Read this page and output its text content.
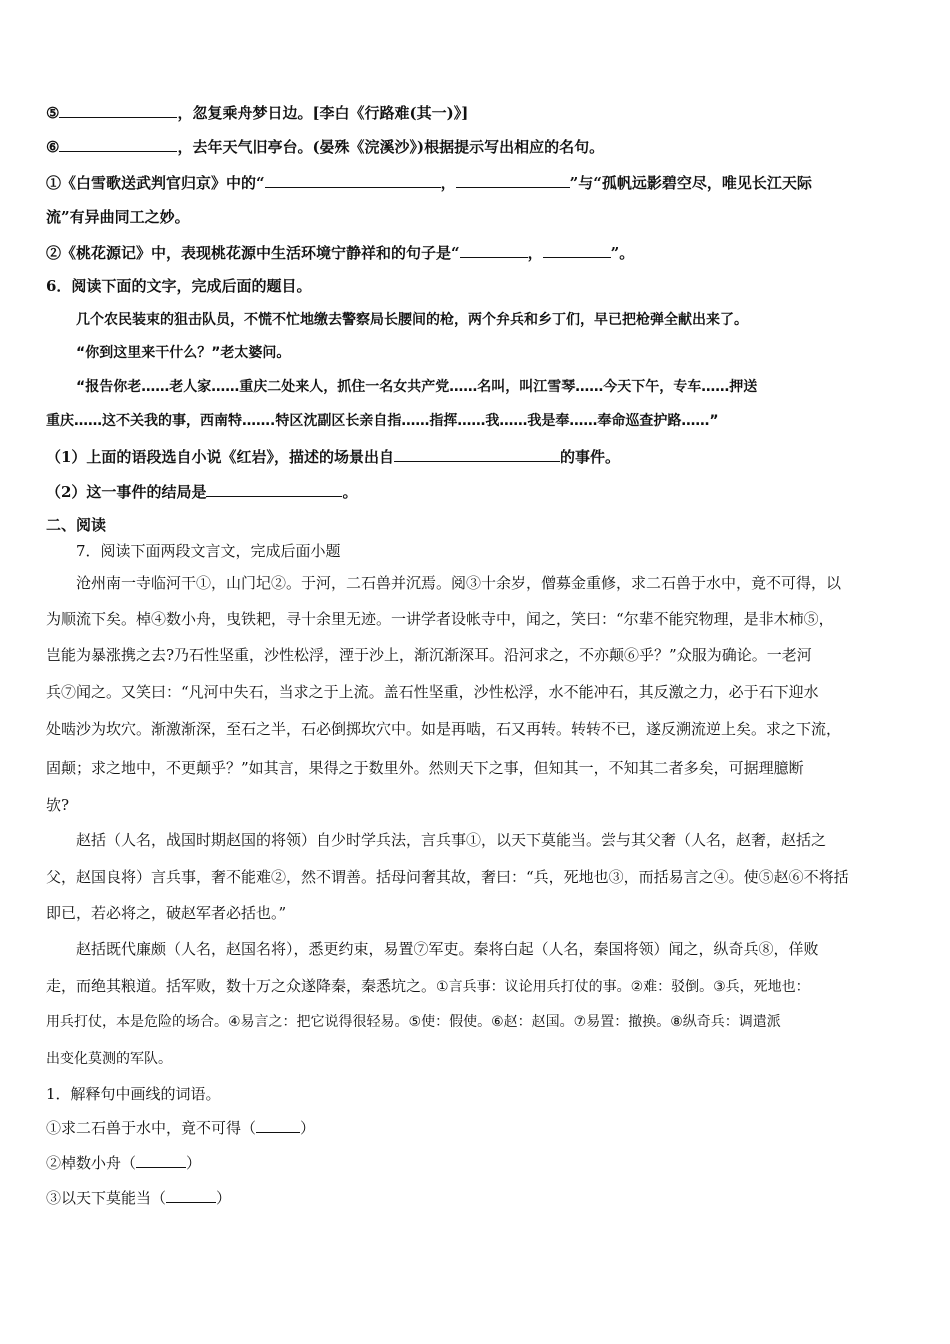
⑤	，忽复乘舟梦日边。[李白《行路难(其一)》]
⑥	，去年天气旧亭台。(晏殊《浣溪沙》)根据提示写出相应的名句。
①《白雪歌送武判官归京》中的“	，	”与“孤帆远影碧空尽，唯见长江天际
流”有异曲同工之妙。
②《桃花源记》中，表现桃花源中生活环境宁静祥和的句子是“	，	”。
6．阅读下面的文字，完成后面的题目。
几个农民装束的狙击队员，不慌不忙地缴去警察局长腰间的枪，两个弁兵和乡丁们，早已把枪弹全献出来了。
“你到这里来干什么？”老太婆问。
“报告你老……老人家……重庆二处来人，抓住一名女共产党……名叫，叫江雪琴……今天下午，专车……押送
重庆……这不关我的事，西南特…….特区沈副区长亲自指……指挥……我……我是奉……奉命巡查护路……”
（1）上面的语段选自小说《红岩》，描述的场景出自	的事件。
（2）这一事件的结局是	。
二、阅读
7．阅读下面两段文言文，完成后面小题
沧州南一寺临河干①，山门圮②。于河，二石兽并沉焉。阅③十余岁，僧募金重修，求二石兽于水中，竟不可得，以
为顺流下矣。棹④数小舟，曳铁耙，寻十余里无迹。一讲学者设帐寺中，闻之，笑曰：“尔辈不能究物理，是非木柿⑤，
岂能为暴涨携之去?乃石性坚重，沙性松浮，湮于沙上，渐沉渐深耳。沿河求之，不亦颠⑥乎？”众服为确论。一老河
兵⑦闻之。又笑曰：“凡河中失石，当求之于上流。盖石性坚重，沙性松浮，水不能冲石，其反激之力，必于石下迎水
处啮沙为坎穴。渐激渐深，至石之半，石必倒掷坎穴中。如是再啮，石又再转。转转不已，遂反溯流逆上矣。求之下流，
固颠；求之地中，不更颠乎？”如其言，果得之于数里外。然则天下之事，但知其一，不知其二者多矣，可据理臆断
欤?
赵括（人名，战国时期赵国的将领）自少时学兵法，言兵事①，以天下莫能当。尝与其父奢（人名，赵奢，赵括之
父，赵国良将）言兵事，奢不能难②，然不谓善。括母问奢其故，奢曰：“兵，死地也③，而括易言之④。使⑤赵⑥不将括
即已，若必将之，破赵军者必括也。”
赵括既代廉颇（人名，赵国名将），悉更约束，易置⑦军吏。秦将白起（人名，秦国将领）闻之，纵奇兵⑧，佯败
走，而绝其粮道。括军败，数十万之众遂降秦，秦悉坑之。①言兵事：议论用兵打仗的事。②难：驳倒。③兵，死地也：
用兵打仗，本是危险的场合。④易言之：把它说得很轻易。⑤使：假使。⑥赵：赵国。⑦易置：撤换。⑧纵奇兵：调遣派
出变化莫测的军队。
1．解释句中画线的词语。
①求二石兽于水中，竟不可得（	）
②棹数小舟（	）
③以天下莫能当（	）
